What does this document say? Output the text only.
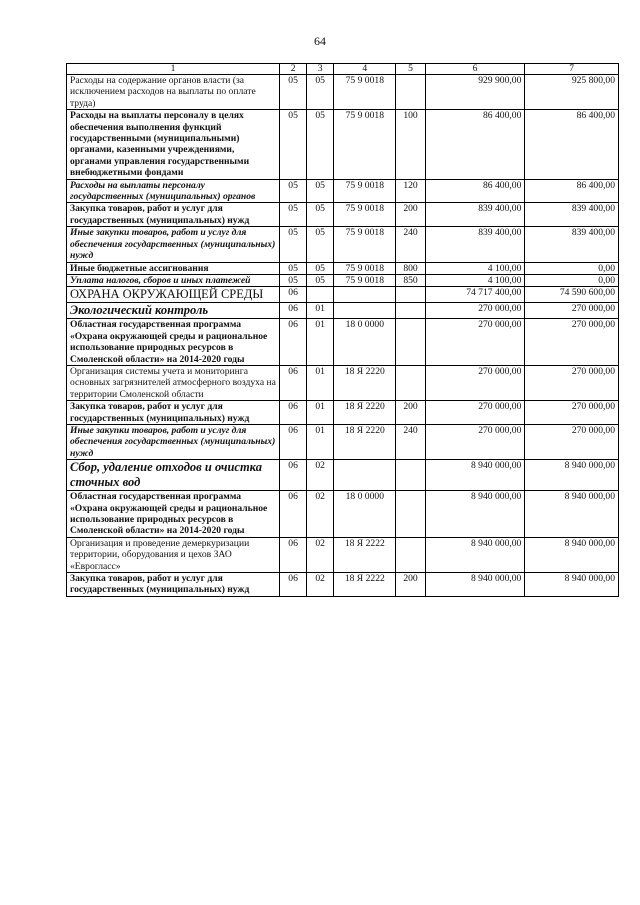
64
1	2	3	4	5	6	7
Расходы на содержание органов власти (за исключением расходов на выплаты по оплате труда)	05	05	75 9 0018		929 900,00	925 800,00
Расходы на выплаты персоналу в целях обеспечения выполнения функций государственными (муниципальными) органами, казенными учреждениями, органами управления государственными внебюджетными фондами	05	05	75 9 0018	100	86 400,00	86 400,00
Расходы на выплаты персоналу государственных (муниципальных) органов	05	05	75 9 0018	120	86 400,00	86 400,00
Закупка товаров, работ и услуг для государственных (муниципальных) нужд	05	05	75 9 0018	200	839 400,00	839 400,00
Иные закупки товаров, работ и услуг для обеспечения государственных (муниципальных) нужд	05	05	75 9 0018	240	839 400,00	839 400,00
Иные бюджетные ассигнования	05	05	75 9 0018	800	4 100,00	0,00
Уплата налогов, сборов и иных платежей	05	05	75 9 0018	850	4 100,00	0,00
ОХРАНА ОКРУЖАЮЩЕЙ СРЕДЫ	06				74 717 400,00	74 590 600,00
Экологический контроль	06	01			270 000,00	270 000,00
Областная государственная программа «Охрана окружающей среды и рациональное использование природных ресурсов в Смоленской области» на 2014-2020 годы	06	01	18 0 0000		270 000,00	270 000,00
Организация системы учета и мониторинга основных загрязнителей атмосферного воздуха на территории Смоленской области	06	01	18 Я 2220		270 000,00	270 000,00
Закупка товаров, работ и услуг для государственных (муниципальных) нужд	06	01	18 Я 2220	200	270 000,00	270 000,00
Иные закупки товаров, работ и услуг для обеспечения государственных (муниципальных) нужд	06	01	18 Я 2220	240	270 000,00	270 000,00
Сбор, удаление отходов и очистка сточных вод	06	02			8 940 000,00	8 940 000,00
Областная государственная программа «Охрана окружающей среды и рациональное использование природных ресурсов в Смоленской области» на 2014-2020 годы	06	02	18 0 0000		8 940 000,00	8 940 000,00
Организация и проведение демеркуризации территории, оборудования и цехов ЗАО «Еврогласс»	06	02	18 Я 2222		8 940 000,00	8 940 000,00
Закупка товаров, работ и услуг для государственных (муниципальных) нужд	06	02	18 Я 2222	200	8 940 000,00	8 940 000,00
